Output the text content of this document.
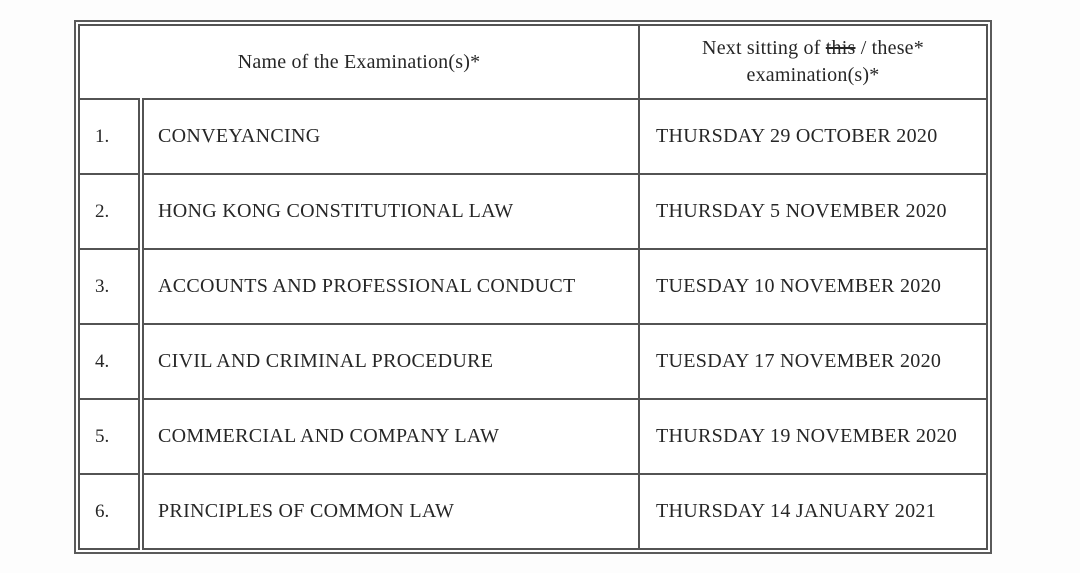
Name of the Examination(s)*		Next sitting of this / these*
examination(s)*
1.	CONVEYANCING	THURSDAY 29 OCTOBER 2020
2.	HONG KONG CONSTITUTIONAL LAW	THURSDAY 5 NOVEMBER 2020
3.	ACCOUNTS AND PROFESSIONAL CONDUCT	TUESDAY 10 NOVEMBER 2020
4.	CIVIL AND CRIMINAL PROCEDURE	TUESDAY 17 NOVEMBER 2020
5.	COMMERCIAL AND COMPANY LAW	THURSDAY 19 NOVEMBER 2020
6.	PRINCIPLES OF COMMON LAW	THURSDAY 14 JANUARY 2021
